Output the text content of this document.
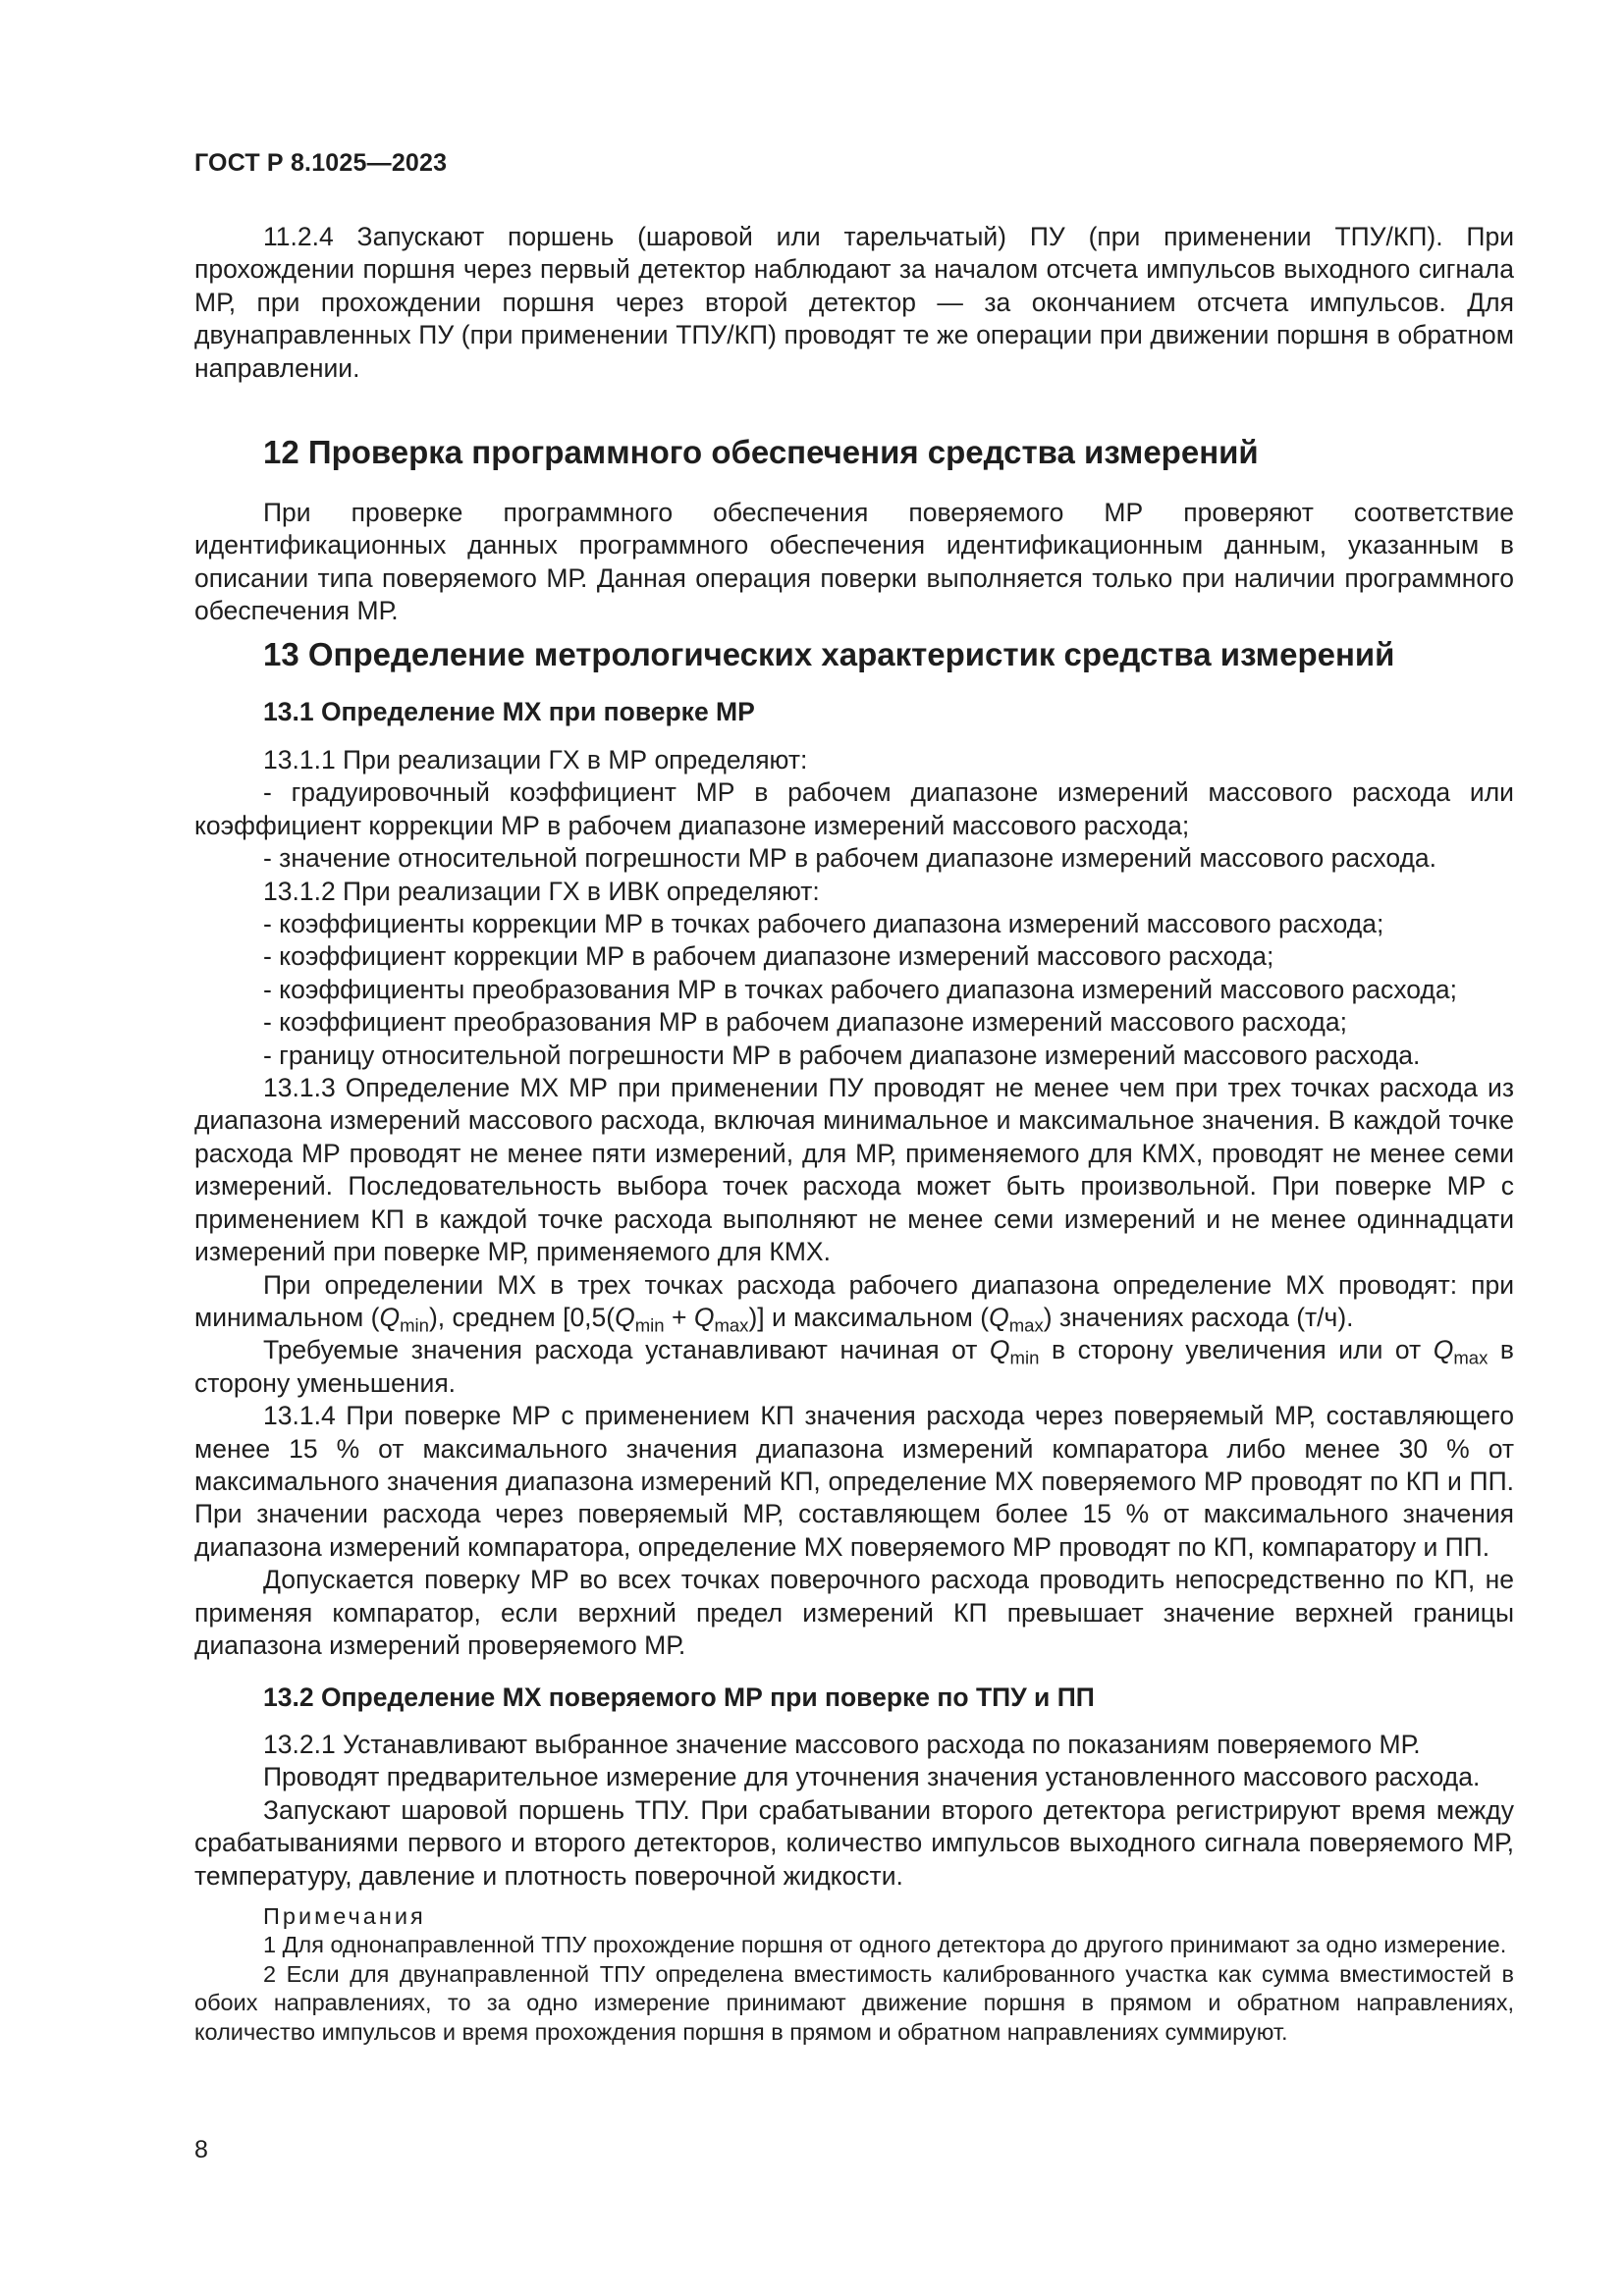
ГОСТ Р 8.1025—2023

11.2.4 Запускают поршень (шаровой или тарельчатый) ПУ (при применении ТПУ/КП). При прохождении поршня через первый детектор наблюдают за началом отсчета импульсов выходного сигнала МР, при прохождении поршня через второй детектор — за окончанием отсчета импульсов. Для двунаправленных ПУ (при применении ТПУ/КП) проводят те же операции при движении поршня в обратном направлении.

12 Проверка программного обеспечения средства измерений

При проверке программного обеспечения поверяемого МР проверяют соответствие идентификационных данных программного обеспечения идентификационным данным, указанным в описании типа поверяемого МР. Данная операция поверки выполняется только при наличии программного обеспечения МР.

13 Определение метрологических характеристик средства измерений
13.1 Определение МХ при поверке МР

13.1.1 При реализации ГХ в МР определяют:

- градуировочный коэффициент МР в рабочем диапазоне измерений массового расхода или коэффициент коррекции МР в рабочем диапазоне измерений массового расхода;

- значение относительной погрешности МР в рабочем диапазоне измерений массового расхода.

13.1.2 При реализации ГХ в ИВК определяют:

- коэффициенты коррекции МР в точках рабочего диапазона измерений массового расхода;

- коэффициент коррекции МР в рабочем диапазоне измерений массового расхода;

- коэффициенты преобразования МР в точках рабочего диапазона измерений массового расхода;

- коэффициент преобразования МР в рабочем диапазоне измерений массового расхода;

- границу относительной погрешности МР в рабочем диапазоне измерений массового расхода.

13.1.3 Определение МХ МР при применении ПУ проводят не менее чем при трех точках расхода из диапазона измерений массового расхода, включая минимальное и максимальное значения. В каждой точке расхода МР проводят не менее пяти измерений, для МР, применяемого для КМХ, проводят не менее семи измерений. Последовательность выбора точек расхода может быть произвольной. При поверке МР с применением КП в каждой точке расхода выполняют не менее семи измерений и не менее одиннадцати измерений при поверке МР, применяемого для КМХ.

При определении МХ в трех точках расхода рабочего диапазона определение МХ проводят: при минимальном $(Q_{min})$, среднем $[0,5(Q_{min} + Q_{max})]$ и максимальном $(Q_{max})$ значениях расхода (т/ч).

Требуемые значения расхода устанавливают начиная от $Q_{min}$ в сторону увеличения или от $Q_{max}$ в сторону уменьшения.

13.1.4 При поверке МР с применением КП значения расхода через поверяемый МР, составляющего менее 15 % от максимального значения диапазона измерений компаратора либо менее 30 % от максимального значения диапазона измерений КП, определение МХ поверяемого МР проводят по КП и ПП. При значении расхода через поверяемый МР, составляющем более 15 % от максимального значения диапазона измерений компаратора, определение МХ поверяемого МР проводят по КП, компаратору и ПП.

Допускается поверку МР во всех точках поверочного расхода проводить непосредственно по КП, не применяя компаратор, если верхний предел измерений КП превышает значение верхней границы диапазона измерений проверяемого МР.

13.2 Определение МХ поверяемого МР при поверке по ТПУ и ПП

13.2.1 Устанавливают выбранное значение массового расхода по показаниям поверяемого МР.

Проводят предварительное измерение для уточнения значения установленного массового расхода.

Запускают шаровой поршень ТПУ. При срабатывании второго детектора регистрируют время между срабатываниями первого и второго детекторов, количество импульсов выходного сигнала поверяемого МР, температуру, давление и плотность поверочной жидкости.

Примечания

1 Для однонаправленной ТПУ прохождение поршня от одного детектора до другого принимают за одно измерение.

2 Если для двунаправленной ТПУ определена вместимость калиброванного участка как сумма вместимостей в обоих направлениях, то за одно измерение принимают движение поршня в прямом и обратном направлениях, количество импульсов и время прохождения поршня в прямом и обратном направлениях суммируют.

8
